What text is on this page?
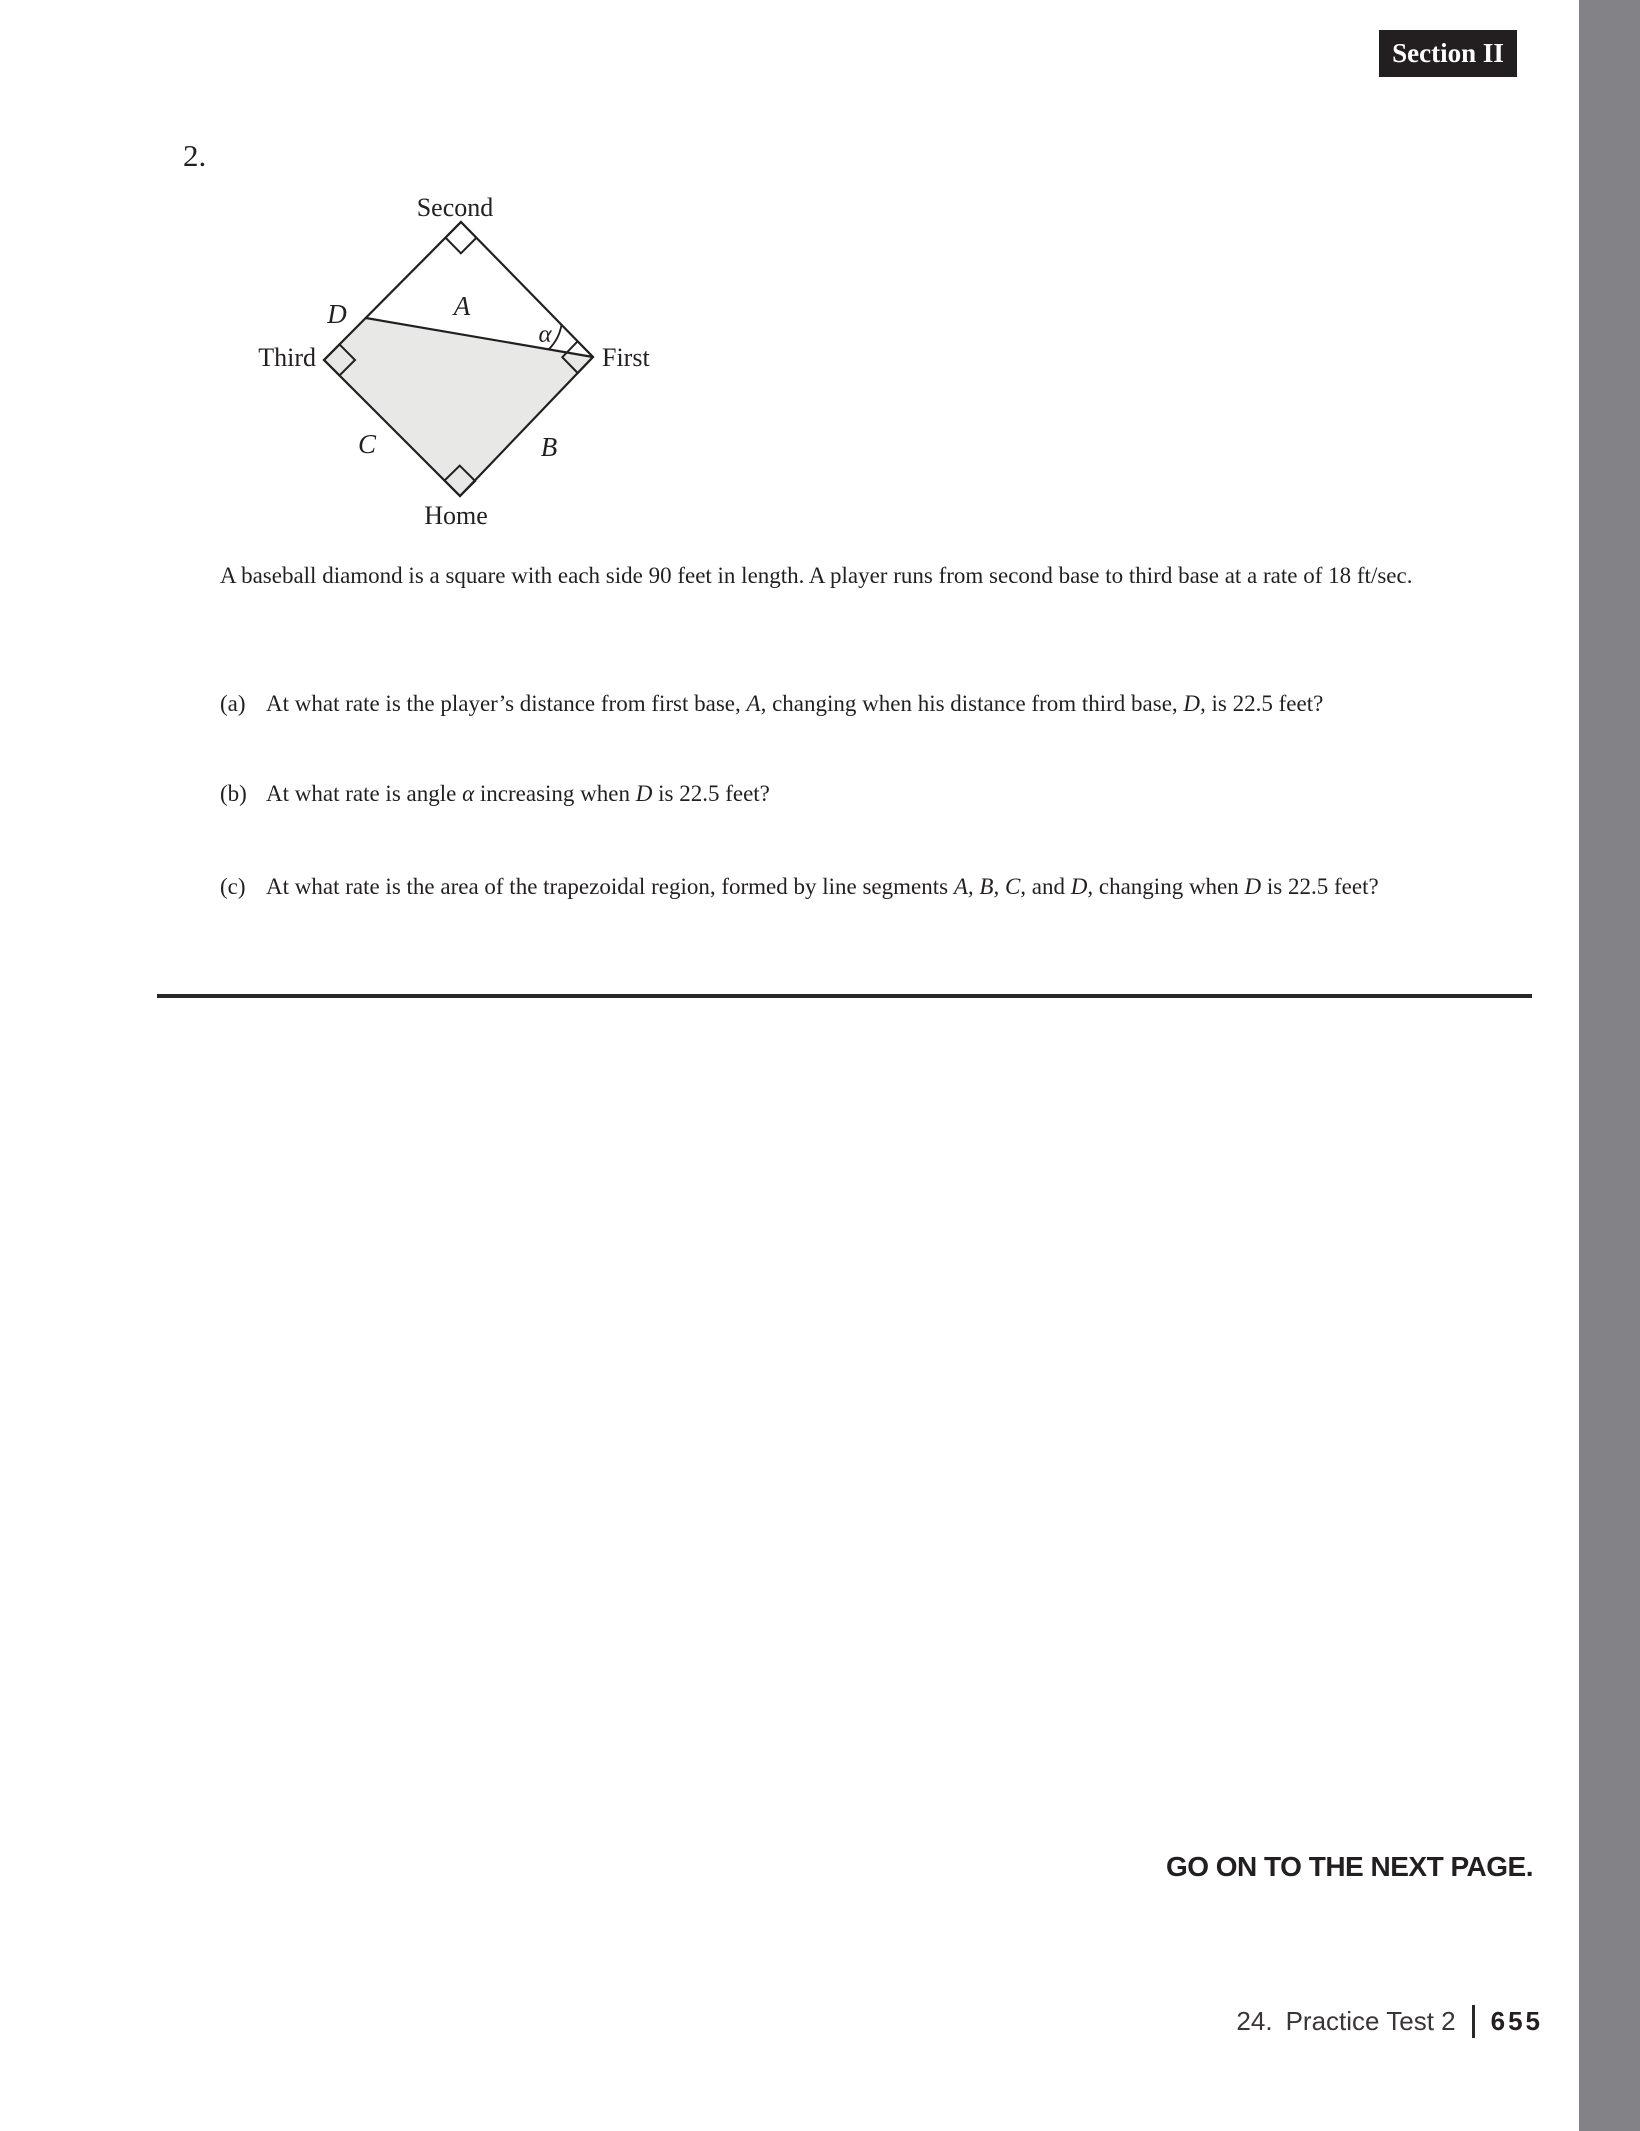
Section II
2.
Second
Third	First
Home
A
B
C
D
α
A baseball diamond is a square with each side 90 feet in length. A player runs from second base to third base at a rate of 18 ft/sec.
(a) At what rate is the player’s distance from first base, A, changing when his distance from third base, D, is 22.5 feet?
(b) At what rate is angle α increasing when D is 22.5 feet?
(c) At what rate is the area of the trapezoidal region, formed by line segments A, B, C, and D, changing when D is 22.5 feet?
GO ON TO THE NEXT PAGE.
24. Practice Test 2 655
